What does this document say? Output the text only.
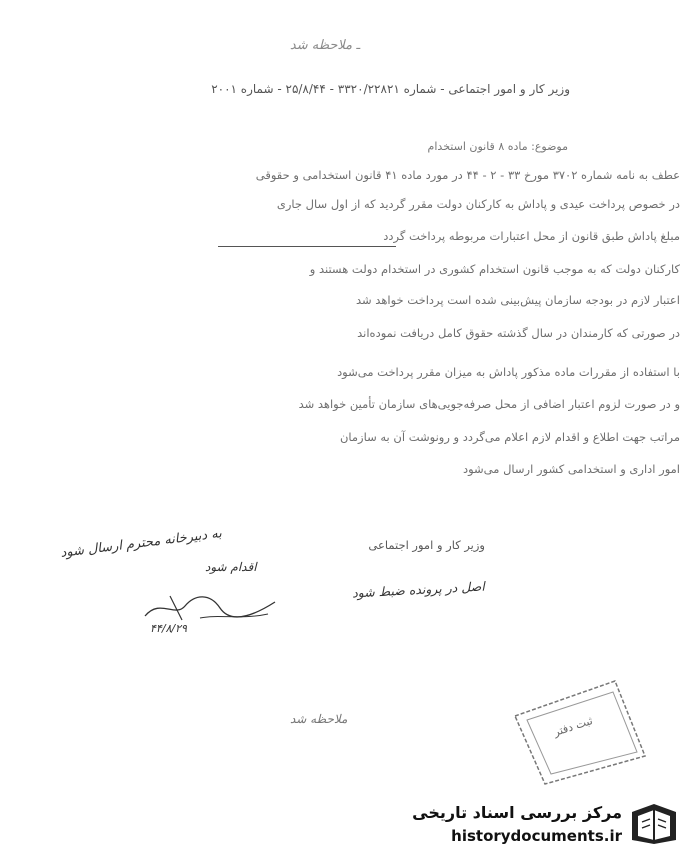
ـ ملاحظه شد
وزیر کار و امور اجتماعی - شماره ۳۳۲۰/۲۲۸۲۱ - ۲۵/۸/۴۴ - شماره ۲۰۰۱
موضوع: ماده ۸ قانون استخدام
عطف به نامه شماره ۳۷۰۲ مورخ ۳۳ - ۲ - ۴۴ در مورد ماده ۴۱ قانون استخدامی و حقوقی
در خصوص پرداخت عیدی و پاداش به کارکنان دولت مقرر گردید که از اول سال جاری
مبلغ پاداش طبق قانون از محل اعتبارات مربوطه پرداخت گردد
کارکنان دولت که به موجب قانون استخدام کشوری در استخدام دولت هستند و
اعتبار لازم در بودجه سازمان پیش‌بینی شده است پرداخت خواهد شد
در صورتی که کارمندان در سال گذشته حقوق کامل دریافت نموده‌اند
با استفاده از مقررات ماده مذکور پاداش به میزان مقرر پرداخت می‌شود
و در صورت لزوم اعتبار اضافی از محل صرفه‌جویی‌های سازمان تأمین خواهد شد
مراتب جهت اطلاع و اقدام لازم اعلام می‌گردد و رونوشت آن به سازمان
امور اداری و استخدامی کشور ارسال می‌شود
وزیر کار و امور اجتماعی
به دبیرخانه محترم ارسال شود
اقدام شود
اصل در پرونده ضبط شود
۴۴/۸/۲۹
ملاحظه شد	ثبت دفتر
مرکز بررسی اسناد تاریخی
historydocuments.ir
